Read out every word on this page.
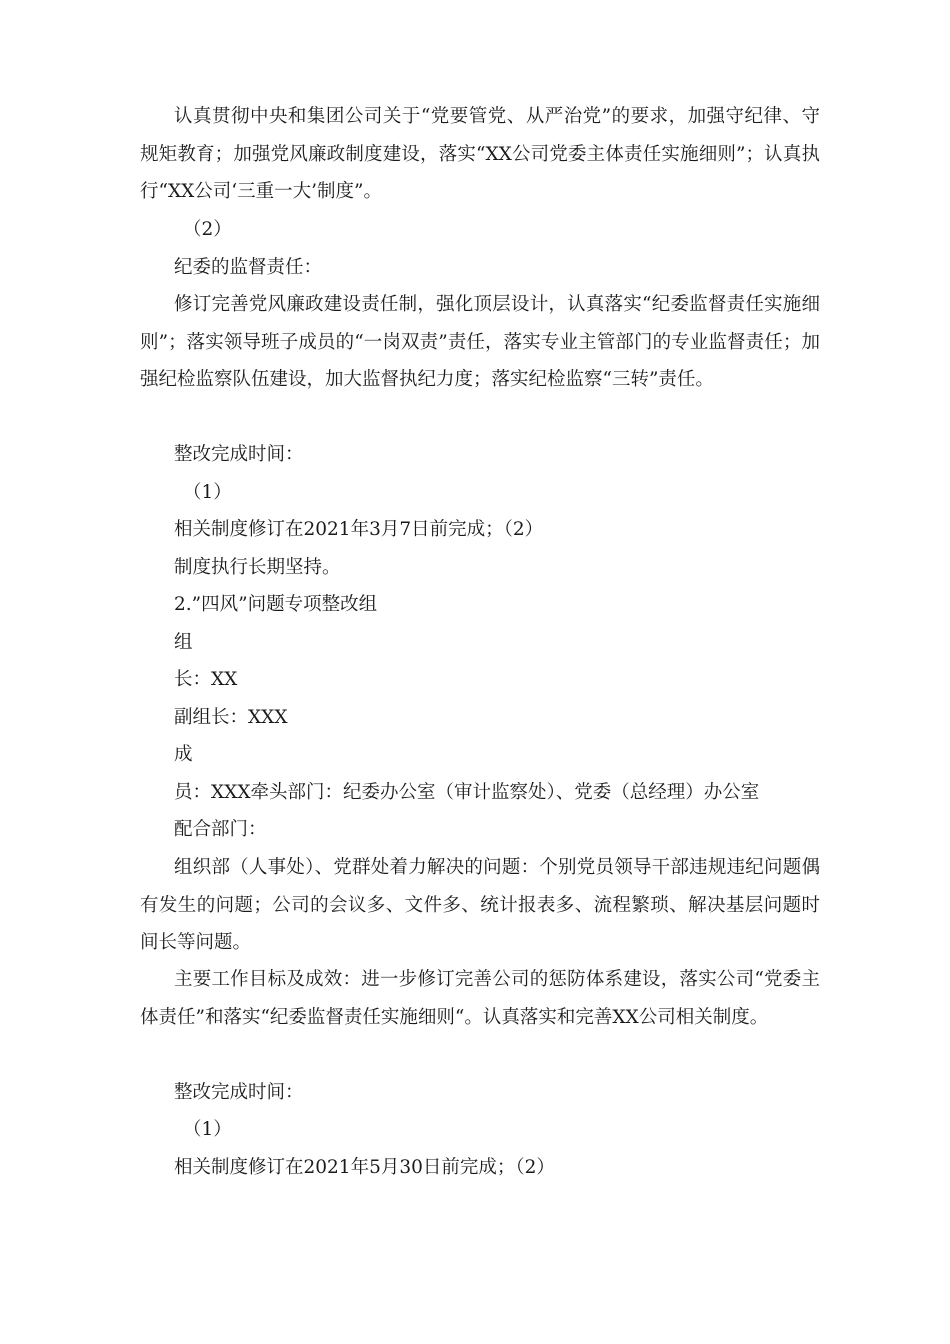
认真贯彻中央和集团公司关于“党要管党、从严治党”的要求，加强守纪律、守规矩教育；加强党风廉政制度建设，落实“XX公司党委主体责任实施细则”；认真执行“XX公司‘三重一大’制度”。

（2）

纪委的监督责任：

修订完善党风廉政建设责任制，强化顶层设计，认真落实“纪委监督责任实施细则”；落实领导班子成员的“一岗双责”责任，落实专业主管部门的专业监督责任；加强纪检监察队伍建设，加大监督执纪力度；落实纪检监察“三转”责任。

整改完成时间：

（1）

相关制度修订在2021年3月7日前完成；（2）

制度执行长期坚持。

2.”四风”问题专项整改组

组

长：XX

副组长：XXX

成

员：XXX牵头部门：纪委办公室（审计监察处）、党委（总经理）办公室

配合部门：

组织部（人事处）、党群处着力解决的问题：个别党员领导干部违规违纪问题偶有发生的问题；公司的会议多、文件多、统计报表多、流程繁琐、解决基层问题时间长等问题。

主要工作目标及成效：进一步修订完善公司的惩防体系建设，落实公司“党委主体责任”和落实“纪委监督责任实施细则“。认真落实和完善XX公司相关制度。

整改完成时间：

（1）

相关制度修订在2021年5月30日前完成；（2）
